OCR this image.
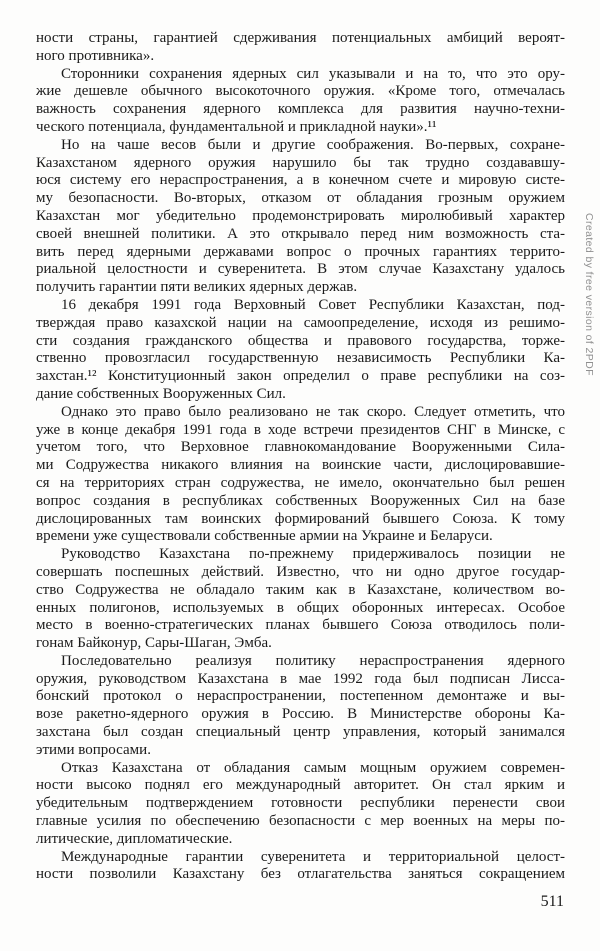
ности страны, гарантией сдерживания потенциальных амбиций вероят-
ного противника».
Сторонники сохранения ядерных сил указывали и на то, что это ору-
жие дешевле обычного высокоточного оружия. «Кроме того, отмечалась
важность сохранения ядерного комплекса для развития научно-техни-
ческого потенциала, фундаментальной и прикладной науки».¹¹
Но на чаше весов были и другие соображения. Во-первых, сохране-
Казахстаном ядерного оружия нарушило бы так трудно создававшу-
юся систему его нераспространения, а в конечном счете и мировую систе-
му безопасности. Во-вторых, отказом от обладания грозным оружием
Казахстан мог убедительно продемонстрировать миролюбивый характер
своей внешней политики. А это открывало перед ним возможность ста-
вить перед ядерными державами вопрос о прочных гарантиях террито-
риальной целостности и суверенитета. В этом случае Казахстану удалось
получить гарантии пяти великих ядерных держав.
16 декабря 1991 года Верховный Совет Республики Казахстан, под-
тверждая право казахской нации на самоопределение, исходя из решимо-
сти создания гражданского общества и правового государства, торже-
ственно провозгласил государственную независимость Республики Ка-
захстан.¹² Конституционный закон определил о праве республики на соз-
дание собственных Вооруженных Сил.
Однако это право было реализовано не так скоро. Следует отметить, что
уже в конце декабря 1991 года в ходе встречи президентов СНГ в Минске, с
учетом того, что Верховное главнокомандование Вооруженными Сила-
ми Содружества никакого влияния на воинские части, дислоцировавшие-
ся на территориях стран содружества, не имело, окончательно был решен
вопрос создания в республиках собственных Вооруженных Сил на базе
дислоцированных там воинских формирований бывшего Союза. К тому
времени уже существовали собственные армии на Украине и Беларуси.
Руководство Казахстана по-прежнему придерживалось позиции не
совершать поспешных действий. Известно, что ни одно другое государ-
ство Содружества не обладало таким как в Казахстане, количеством во-
енных полигонов, используемых в общих оборонных интересах. Особое
место в военно-стратегических планах бывшего Союза отводилось поли-
гонам Байконур, Сары-Шаган, Эмба.
Последовательно реализуя политику нераспространения ядерного
оружия, руководством Казахстана в мае 1992 года был подписан Лисса-
бонский протокол о нераспространении, постепенном демонтаже и вы-
возе ракетно-ядерного оружия в Россию. В Министерстве обороны Ка-
захстана был создан специальный центр управления, который занимался
этими вопросами.
Отказ Казахстана от обладания самым мощным оружием современ-
ности высоко поднял его международный авторитет. Он стал ярким и
убедительным подтверждением готовности республики перенести свои
главные усилия по обеспечению безопасности с мер военных на меры по-
литические, дипломатические.
Международные гарантии суверенитета и территориальной целост-
ности позволили Казахстану без отлагательства заняться сокращением
511
Created by free version of 2PDF
